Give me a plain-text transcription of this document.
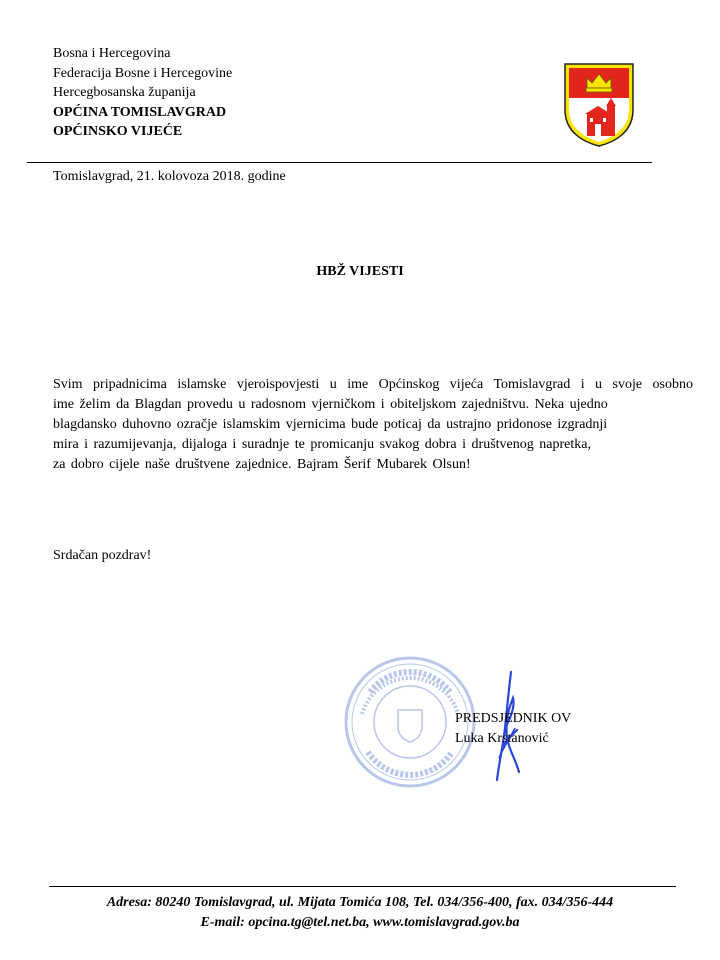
Bosna i Hercegovina
Federacija Bosne i Hercegovine
Hercegbosanska županija
OPĆINA TOMISLAVGRAD
OPĆINSKO VIJEĆE
Tomislavgrad, 21. kolovoza 2018. godine
HBŽ VIJESTI
Svim pripadnicima islamske vjeroispovjesti u ime Općinskog vijeća Tomislavgrad i u svoje osobno
ime želim da Blagdan provedu u radosnom vjerničkom i obiteljskom zajedništvu. Neka ujedno
blagdansko duhovno ozračje islamskim vjernicima bude poticaj da ustrajno pridonose izgradnji
mira i razumijevanja, dijaloga i suradnje te promicanju svakog dobra i društvenog napretka,
za dobro cijele naše društvene zajednice. Bajram Šerif Mubarek Olsun!
Srdačan pozdrav!
PREDSJEDNIK OV
Luka Krstanović
Adresa: 80240 Tomislavgrad, ul. Mijata Tomića 108, Tel. 034/356-400, fax. 034/356-444
E-mail: opcina.tg@tel.net.ba, www.tomislavgrad.gov.ba
